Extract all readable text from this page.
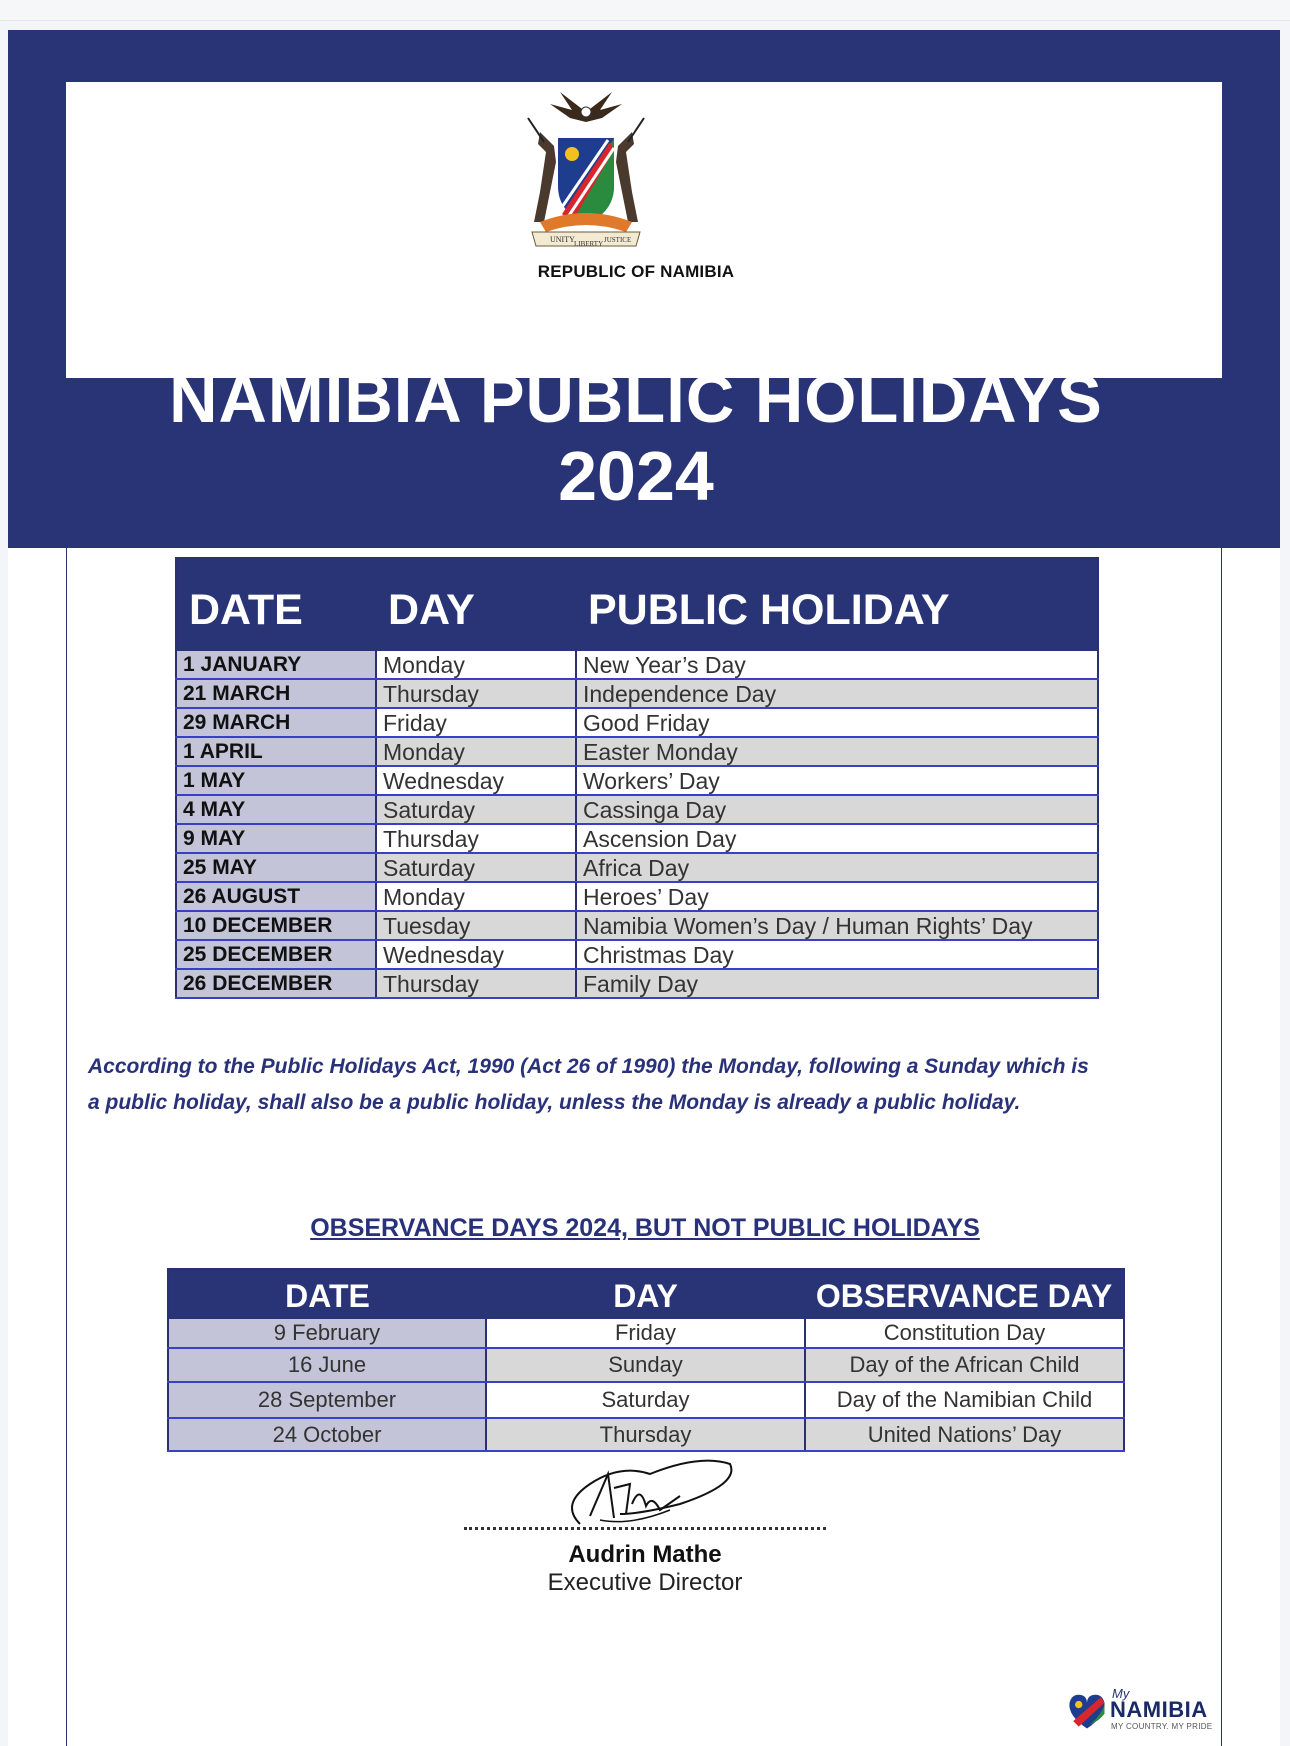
UNITY LIBERTY JUSTICE
REPUBLIC OF NAMIBIA
NAMIBIA PUBLIC HOLIDAYS
2024
DATE	DAY	PUBLIC HOLIDAY
1 JANUARY	Monday	New Year’s Day
21 MARCH	Thursday	Independence Day
29 MARCH	Friday	Good Friday
1 APRIL	Monday	Easter Monday
1 MAY	Wednesday	Workers’ Day
4 MAY	Saturday	Cassinga Day
9 MAY	Thursday	Ascension Day
25 MAY	Saturday	Africa Day
26 AUGUST	Monday	Heroes’ Day
10 DECEMBER	Tuesday	Namibia Women’s Day / Human Rights’ Day
25 DECEMBER	Wednesday	Christmas Day
26 DECEMBER	Thursday	Family Day
According to the Public Holidays Act, 1990 (Act 26 of 1990) the Monday, following a Sunday which is
a public holiday, shall also be a public holiday, unless the Monday is already a public holiday.
OBSERVANCE DAYS 2024, BUT NOT PUBLIC HOLIDAYS
DATE	DAY	OBSERVANCE DAY
9 February	Friday	Constitution Day
16 June	Sunday	Day of the African Child
28 September	Saturday	Day of the Namibian Child
24 October	Thursday	United Nations’ Day
Audrin Mathe
Executive Director
My
NAMIBIA
MY COUNTRY. MY PRIDE
